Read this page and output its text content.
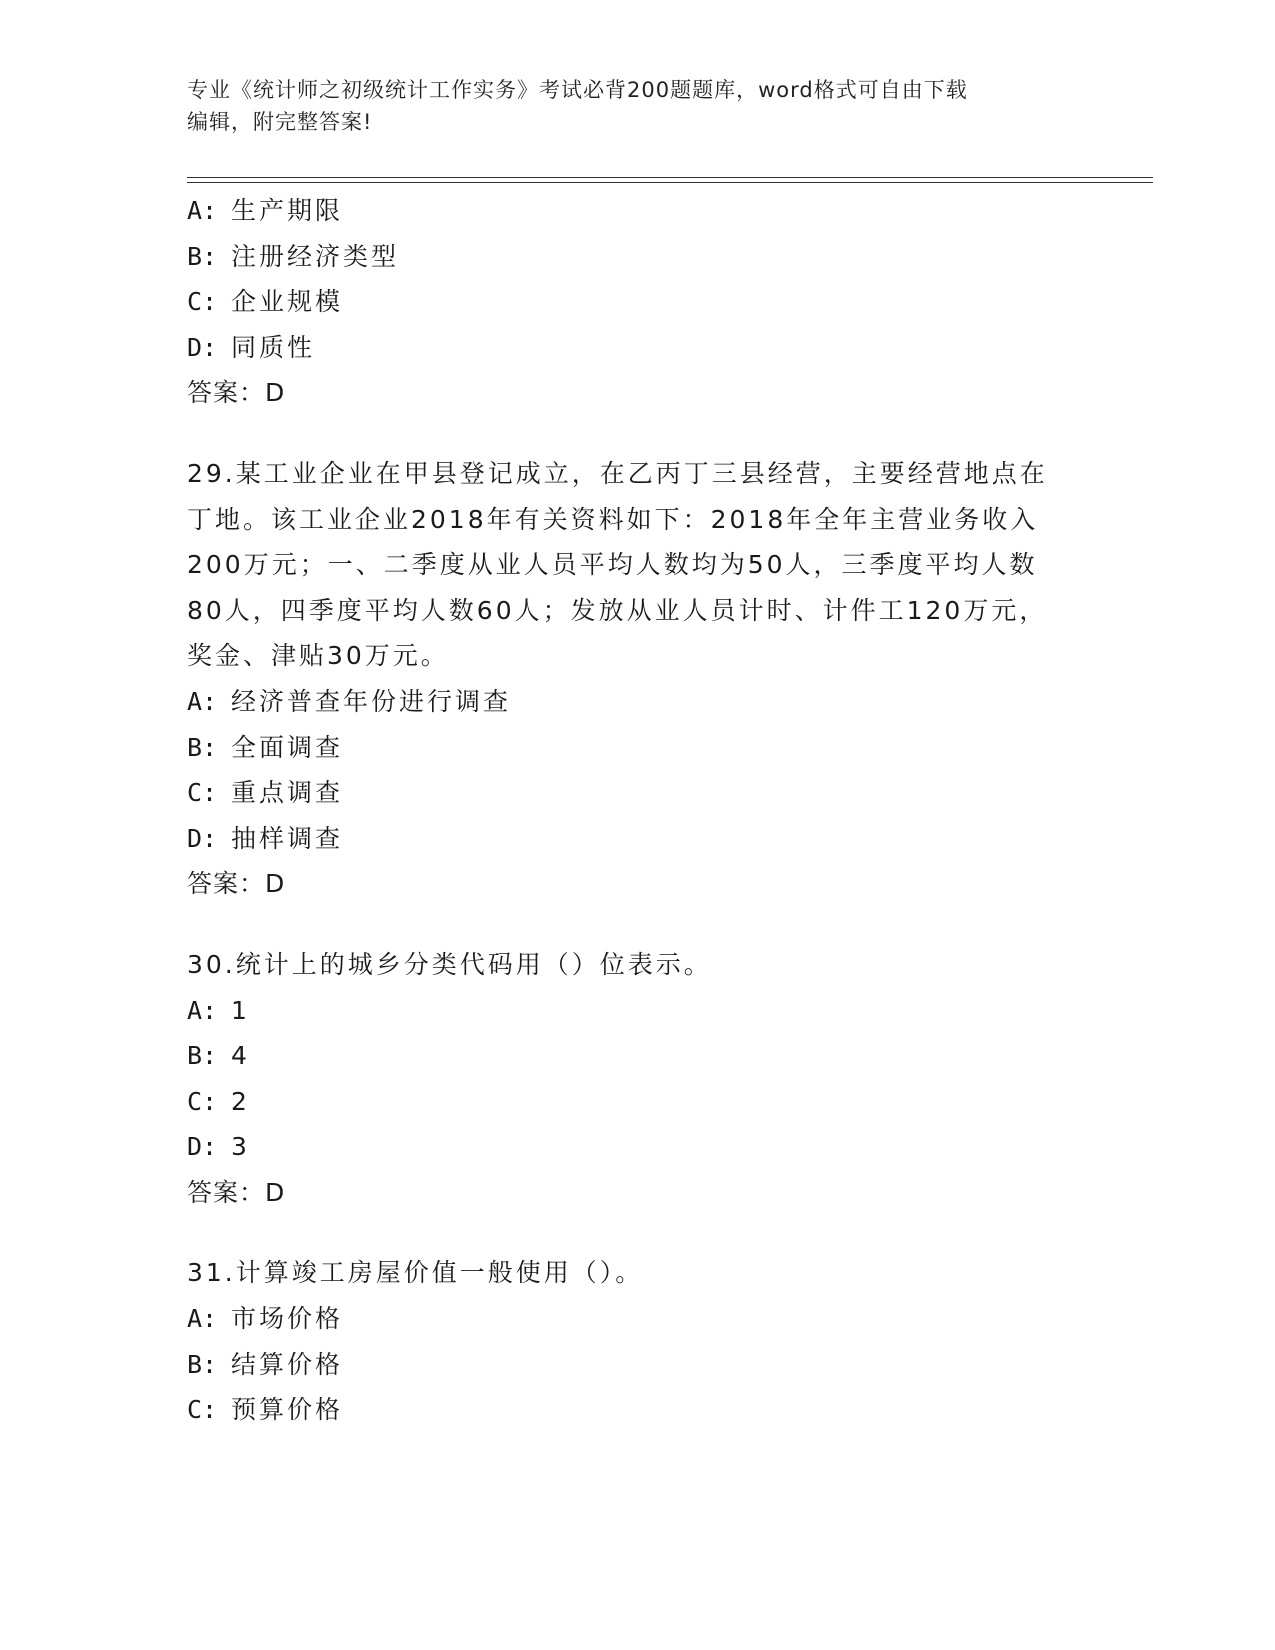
专业《统计师之初级统计工作实务》考试必背200题题库，word格式可自由下载
编辑，附完整答案!
A: 生产期限
B: 注册经济类型
C: 企业规模
D: 同质性
答案：D
29.某工业企业在甲县登记成立，在乙丙丁三县经营，主要经营地点在
丁地。该工业企业2018年有关资料如下：2018年全年主营业务收入
200万元；一、二季度从业人员平均人数均为50人，三季度平均人数
80人，四季度平均人数60人；发放从业人员计时、计件工120万元，
奖金、津贴30万元。
A: 经济普查年份进行调查
B: 全面调查
C: 重点调查
D: 抽样调查
答案：D
30.统计上的城乡分类代码用（）位表示。
A: 1
B: 4
C: 2
D: 3
答案：D
31.计算竣工房屋价值一般使用（）。
A: 市场价格
B: 结算价格
C: 预算价格
